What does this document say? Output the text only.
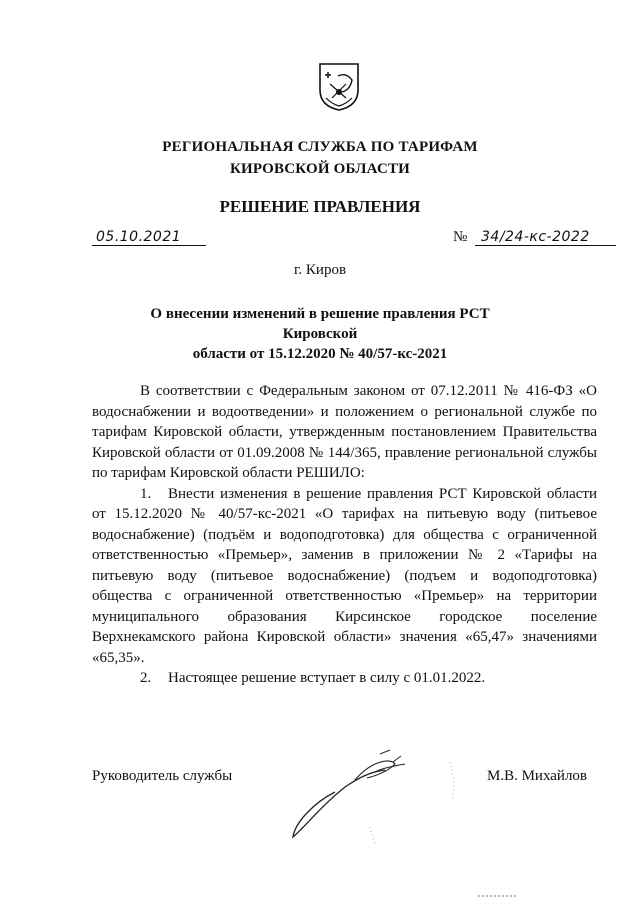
РЕГИОНАЛЬНАЯ СЛУЖБА ПО ТАРИФАМ
КИРОВСКОЙ ОБЛАСТИ
РЕШЕНИЕ ПРАВЛЕНИЯ
05.10.2021	№ 34/24-кс-2022
г. Киров
О внесении изменений в решение правления РСТ Кировской
области от 15.12.2020 № 40/57-кс-2021

В соответствии с Федеральным законом от 07.12.2011 № 416-ФЗ «О водоснабжении и водоотведении» и положением о региональной службе по тарифам Кировской области, утвержденным постановлением Правительства Кировской области от 01.09.2008 № 144/365, правление региональной службы по тарифам Кировской области РЕШИЛО:

1. Внести изменения в решение правления РСТ Кировской области от 15.12.2020 № 40/57-кс-2021 «О тарифах на питьевую воду (питьевое водоснабжение) (подъём и водоподготовка) для общества с ограниченной ответственностью «Премьер», заменив в приложении № 2 «Тарифы на питьевую воду (питьевое водоснабжение) (подъем и водоподготовка) общества с ограниченной ответственностью «Премьер» на территории муниципального образования Кирсинское городское поселение Верхнекамского района Кировской области» значения «65,47» значениями «65,35».

2. Настоящее решение вступает в силу с 01.01.2022.

Руководитель службы	М.В. Михайлов
